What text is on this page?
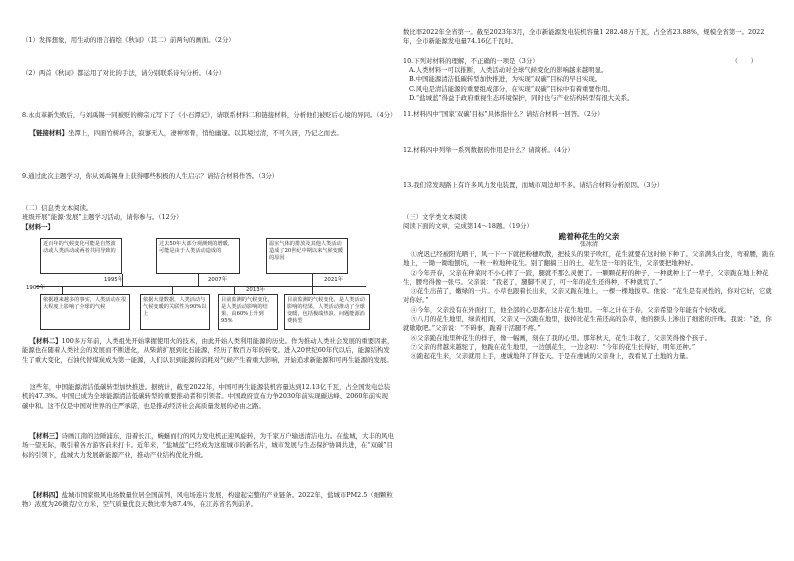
（1）发挥想象，用生动的语言描绘《秋词》（其二）前两句的画面。（2分）

（2）两首《秋词》都运用了对比的手法，请分别联系诗句分析。（4分）

8.永贞革新失败后，与刘禹锡一同被贬的柳宗元写下了《小石潭记》，请联系材料二和链接材料，分析他们被贬后心境的异同。（4分）

【链接材料】坐潭上，四面竹树环合，寂寥无人，凄神寒骨，悄怆幽邃。以其境过清，不可久居，乃记之而去。

9.通过此次主题学习，你从刘禹锡身上获得哪些积极的人生启示？请结合材料作答。（3分）

（二）信息类文本阅读。

班级开展“能源·发展”主题学习活动，请你参与。（12分）

【材料一】

近百年的气候变化可能是自然波动或人类活动或两者共同导致的
过去50年大部分观测到的增暖，可能是由于人类活动造成的
温室气体的排放及其他人类活动造成了20世纪中期以来气候变暖的原因
1900年
1995年	2007年
2013年
2021年
依据越来越多的事实，人类活动在很大程度上影响了全球的气候
依据大量数据，人类活动与气候变暖的关联性为90%以上
目前监测的气候变化，是人类活动影响的结果，由60%上升到95%
目前监测的气候变化，是人类活动影响的结果，人类活动推动了全球变暖，包括极端热浪、问题能源消费转型

【材料二】100多万年前，人类祖先开始掌握使用火的技术，由此开始人类利用能源的历史。作为推动人类社会发展的重要因素，能源也在随着人类社会的发展而不断进化，从柴薪扩展到化石能源，经历了数百万年的转变。进入20世纪60年代以后，能源结构发生了重大变化，石油代替煤炭成为第一能源，人们认识到能源的消耗对气候产生着重大影响，开始追求新能源和可再生能源的发展。

这些年，中国能源清洁低碳转型加快推进。据统计，截至2022年，中国可再生能源装机容量达到12.13亿千瓦，占全国发电总装机的47.3%。中国已成为全球能源清洁低碳转型的重要推动者和引领者。中国政府宣布力争2030年前实现碳达峰、2060年前实现碳中和。这不仅是中国对世界的庄严承诺，也是推动经济社会高质量发展的必由之路。

【材料三】诗画江南的边陲浦东，沿着长江，蜿蜒而行的风力发电机正迎风旋转，为千家万户输送清洁电力。在盐城，大丰的风电场一望无际，吸引着各方游客前来打卡。近年来，“盐城蓝”已经成为这座城市的新名片，城市发展与生态保护协调共进，在“双碳”目标的引领下，盐城大力发展新能源产业，推动产业结构优化升级。

【材料四】盐城市国家级风电场数量位居全国前列，风电场连片发展，构建起完整的产业链条。2022年，盐城市PM2.5（细颗粒物）浓度为26微克/立方米，空气质量优良天数比率为87.4%，在江苏省名列前茅。

数比率2022年全省第一。截至2023年3月，全市新能源发电装机容量1 282.48万千瓦，占全省23.88%，规模全省第一。2022年，全市新能源发电量74.16亿千瓦时。

10.下列对材料的理解，不正确的一项是（3分）	（　　）

A.人类材料一可以推断，人类活动对全球气候变化的影响越来越明显。

B.中国能源清洁低碳转型加快推进，为实现“双碳”目标的早日实现。

C.风电是清洁能源的重要组成部分，在实现“双碳”目标中有着重要作用。

D.“盐城蓝”得益于政府重视生态环境保护，同时也与产业结构转型有很大关系。

11.材料四中“国家‘双碳’目标”具体指什么？请结合材料一回答。（2分）

12.材料四中列举一系列数据的作用是什么？请简析。（4分）

13.我们常发现路上有许多风力发电装置，而城市周边却不多。请结合材料分析原因。（3分）

（三）文学类文本阅读

阅读下面的文章，完成第14～18题。（19分）

跪着种花生的父亲

张冰清

①虎迟已经被阳光晒干，风一下一下就把粉穗吹散，把枝头的果子吹红，花生就要在这时候下种了。父亲满头白发，弯着腰，跪在地上，一锄一锄地刨坑，一粒一粒地种花生。别了翻搞三日的土，花生是一年的花生，父亲要把地种好。

②今年开春，父亲在种菜时不小心摔了一跤，腿就不那么灵便了。一颗颗花籽的种子，一种就种上了一辈子，父亲跪在地上种花生，腰弯得像一张弓。父亲说：“我老了，腿脚不灵了，可一年的花生还得种，不种就荒了。”

③花生出苗了，嫩绿的一片。小草也跟着长出来，父亲又跪在地上，一棵一棵地拔草。他说：“花生是有灵性的，你对它好，它就对你好。”

④今年，父亲没有在外面打工，他全部的心思都在这片花生地里。一年之计在于春，父亲希望今年能有个好收成。

⑤八月的花生地里，绿黄相间，父亲又一次跪在地里，拔掉比花生苗还高的杂草，他的额头上渗出了细密的汗珠。我说：“爸，你就歇歇吧。”父亲说：“不碍事，跪着干活腿不疼。”

⑥父亲跪在地里种花生的样子，像一幅画，刻在了我的心里。那年秋天，花生丰收了，父亲笑得像个孩子。

⑦父亲的背越来越驼了，他跪在花生地里，一边刨花生，一边念叨：“今年的花生长得好，明年还种。”

⑧跪起花生来，父亲就用上手，虔诚地拜了拜苍天。于是在虔诚的父亲身上，我看见了土地的力量。
